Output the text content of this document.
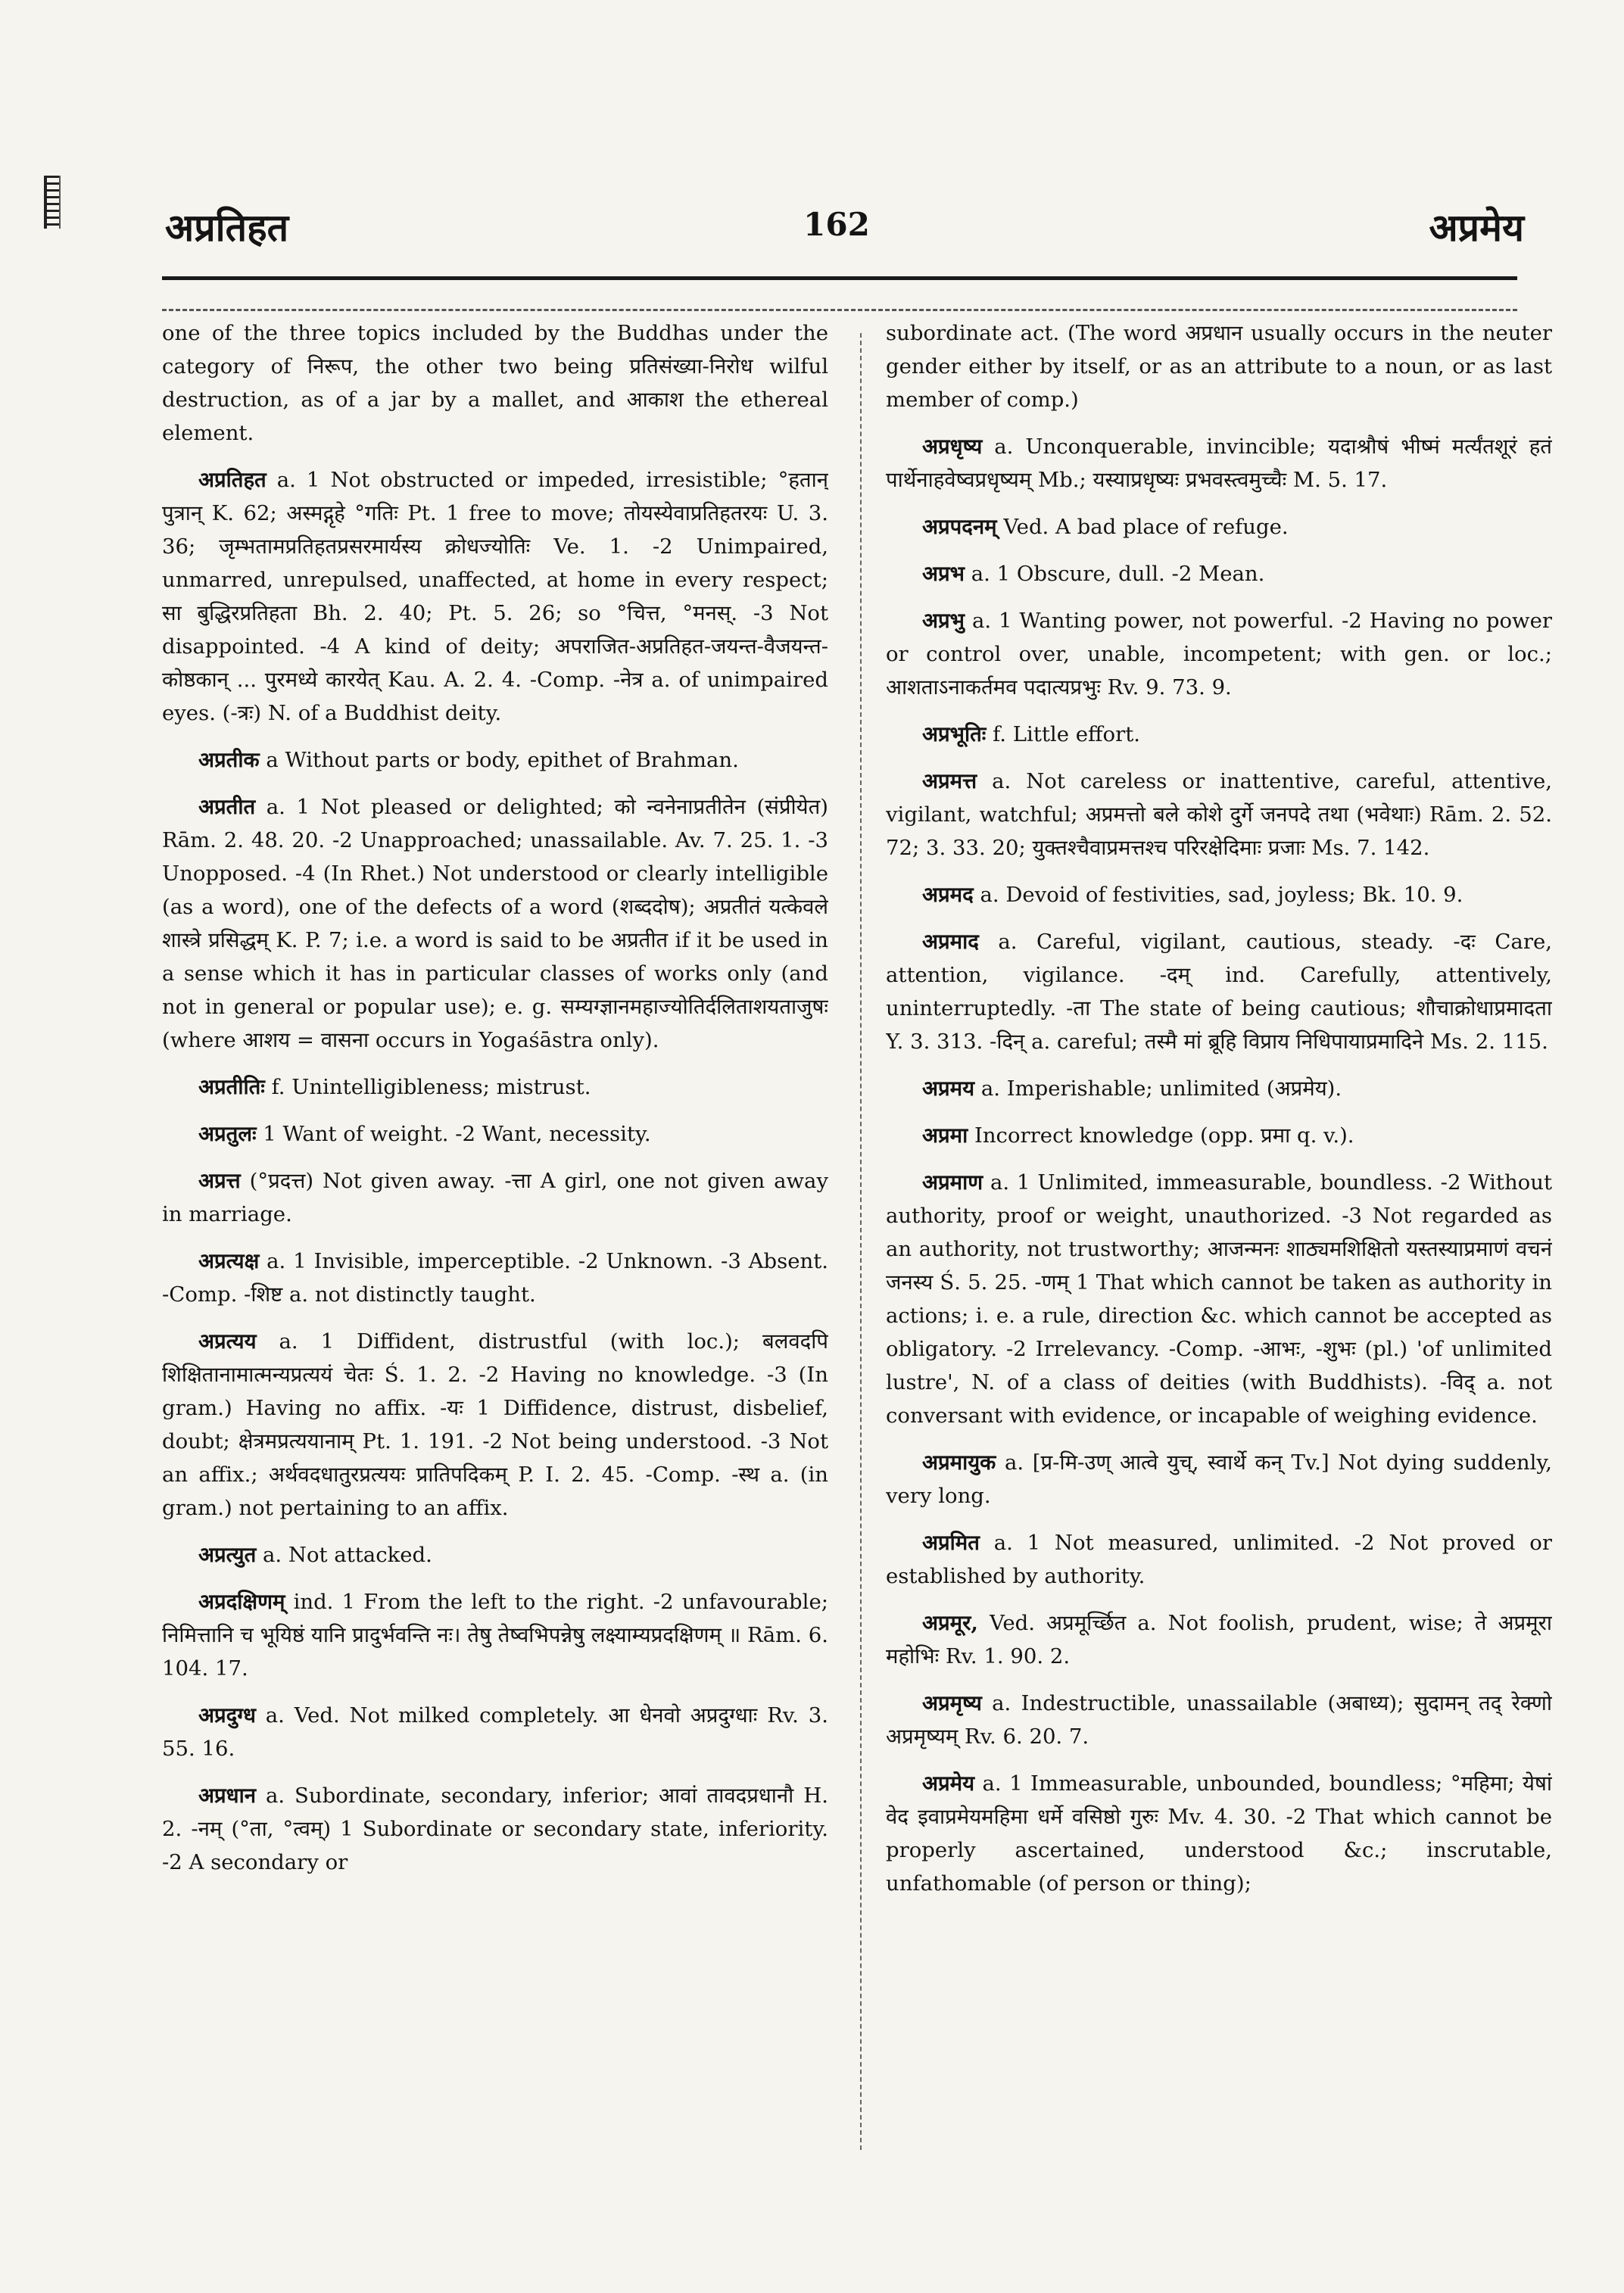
अप्रतिहत	162	अप्रमेय

one of the three topics included by the Buddhas under the category of निरूप, the other two being प्रतिसंख्या-निरोध wilful destruction, as of a jar by a mallet, and आकाश the ethereal element.

अप्रतिहत a. 1 Not obstructed or impeded, irresistible; °हतान् पुत्रान् K. 62; अस्मद्गृहे °गतिः Pt. 1 free to move; तोयस्येवाप्रतिहतरयः U. 3. 36; जृम्भतामप्रतिहतप्रसरमार्यस्य क्रोधज्योतिः Ve. 1. -2 Unimpaired, unmarred, unrepulsed, unaffected, at home in every respect; सा बुद्धिरप्रतिहता Bh. 2. 40; Pt. 5. 26; so °चित्त, °मनस्. -3 Not disappointed. -4 A kind of deity; अपराजित-अप्रतिहत-जयन्त-वैजयन्त-कोष्ठकान् ... पुरमध्ये कारयेत् Kau. A. 2. 4. -Comp. -नेत्र a. of unimpaired eyes. (-त्रः) N. of a Buddhist deity.

अप्रतीक a Without parts or body, epithet of Brahman.

अप्रतीत a. 1 Not pleased or delighted; को न्वनेनाप्रतीतेन (संप्रीयेत) Rām. 2. 48. 20. -2 Unapproached; unassailable. Av. 7. 25. 1. -3 Unopposed. -4 (In Rhet.) Not understood or clearly intelligible (as a word), one of the defects of a word (शब्ददोष); अप्रतीतं यत्केवले शास्त्रे प्रसिद्धम् K. P. 7; i.e. a word is said to be अप्रतीत if it be used in a sense which it has in particular classes of works only (and not in general or popular use); e. g. सम्यग्ज्ञानमहाज्योतिर्दलिताशयताजुषः (where आशय = वासना occurs in Yogaśāstra only).

अप्रतीतिः f. Unintelligibleness; mistrust.

अप्रतुलः 1 Want of weight. -2 Want, necessity.

अप्रत्त (°प्रदत्त) Not given away. -त्ता A girl, one not given away in marriage.

अप्रत्यक्ष a. 1 Invisible, imperceptible. -2 Unknown. -3 Absent. -Comp. -शिष्ट a. not distinctly taught.

अप्रत्यय a. 1 Diffident, distrustful (with loc.); बलवदपि शिक्षितानामात्मन्यप्रत्ययं चेतः Ś. 1. 2. -2 Having no knowledge. -3 (In gram.) Having no affix. -यः 1 Diffidence, distrust, disbelief, doubt; क्षेत्रमप्रत्ययानाम् Pt. 1. 191. -2 Not being understood. -3 Not an affix.; अर्थवदधातुरप्रत्ययः प्रातिपदिकम् P. I. 2. 45. -Comp. -स्थ a. (in gram.) not pertaining to an affix.

अप्रत्युत a. Not attacked.

अप्रदक्षिणम् ind. 1 From the left to the right. -2 unfavourable; निमित्तानि च भूयिष्ठं यानि प्रादुर्भवन्ति नः। तेषु तेष्वभिपन्नेषु लक्ष्याम्यप्रदक्षिणम् ॥ Rām. 6. 104. 17.

अप्रदुग्ध a. Ved. Not milked completely. आ धेनवो अप्रदुग्धाः Rv. 3. 55. 16.

अप्रधान a. Subordinate, secondary, inferior; आवां तावदप्रधानौ H. 2. -नम् (°ता, °त्वम्) 1 Subordinate or secondary state, inferiority. -2 A secondary or

subordinate act. (The word अप्रधान usually occurs in the neuter gender either by itself, or as an attribute to a noun, or as last member of comp.)

अप्रधृष्य a. Unconquerable, invincible; यदाश्रौषं भीष्मं मर्त्यंतशूरं हतं पार्थेनाहवेष्वप्रधृष्यम् Mb.; यस्याप्रधृष्यः प्रभवस्त्वमुच्चैः M. 5. 17.

अप्रपदनम् Ved. A bad place of refuge.

अप्रभ a. 1 Obscure, dull. -2 Mean.

अप्रभु a. 1 Wanting power, not powerful. -2 Having no power or control over, unable, incompetent; with gen. or loc.; आशताऽनाकर्तमव पदात्यप्रभुः Rv. 9. 73. 9.

अप्रभूतिः f. Little effort.

अप्रमत्त a. Not careless or inattentive, careful, attentive, vigilant, watchful; अप्रमत्तो बले कोशे दुर्गे जनपदे तथा (भवेथाः) Rām. 2. 52. 72; 3. 33. 20; युक्तश्चैवाप्रमत्तश्च परिरक्षेदिमाः प्रजाः Ms. 7. 142.

अप्रमद a. Devoid of festivities, sad, joyless; Bk. 10. 9.

अप्रमाद a. Careful, vigilant, cautious, steady. -दः Care, attention, vigilance. -दम् ind. Carefully, attentively, uninterruptedly. -ता The state of being cautious; शौचाक्रोधाप्रमादता Y. 3. 313. -दिन् a. careful; तस्मै मां ब्रूहि विप्राय निधिपायाप्रमादिने Ms. 2. 115.

अप्रमय a. Imperishable; unlimited (अप्रमेय).

अप्रमा Incorrect knowledge (opp. प्रमा q. v.).

अप्रमाण a. 1 Unlimited, immeasurable, boundless. -2 Without authority, proof or weight, unauthorized. -3 Not regarded as an authority, not trustworthy; आजन्मनः शाठ्यमशिक्षितो यस्तस्याप्रमाणं वचनं जनस्य Ś. 5. 25. -णम् 1 That which cannot be taken as authority in actions; i. e. a rule, direction &c. which cannot be accepted as obligatory. -2 Irrelevancy. -Comp. -आभः, -शुभः (pl.) 'of unlimited lustre', N. of a class of deities (with Buddhists). -विद् a. not conversant with evidence, or incapable of weighing evidence.

अप्रमायुक a. [प्र-मि-उण् आत्वे युच्, स्वार्थे कन् Tv.] Not dying suddenly, very long.

अप्रमित a. 1 Not measured, unlimited. -2 Not proved or established by authority.

अप्रमूर, Ved. अप्रमूर्च्छित a. Not foolish, prudent, wise; ते अप्रमूरा महोभिः Rv. 1. 90. 2.

अप्रमृष्य a. Indestructible, unassailable (अबाध्य); सुदामन् तद् रेक्णो अप्रमृष्यम् Rv. 6. 20. 7.

अप्रमेय a. 1 Immeasurable, unbounded, boundless; °महिमा; येषां वेद इवाप्रमेयमहिमा धर्मे वसिष्ठो गुरुः Mv. 4. 30. -2 That which cannot be properly ascertained, understood &c.; inscrutable, unfathomable (of person or thing);
